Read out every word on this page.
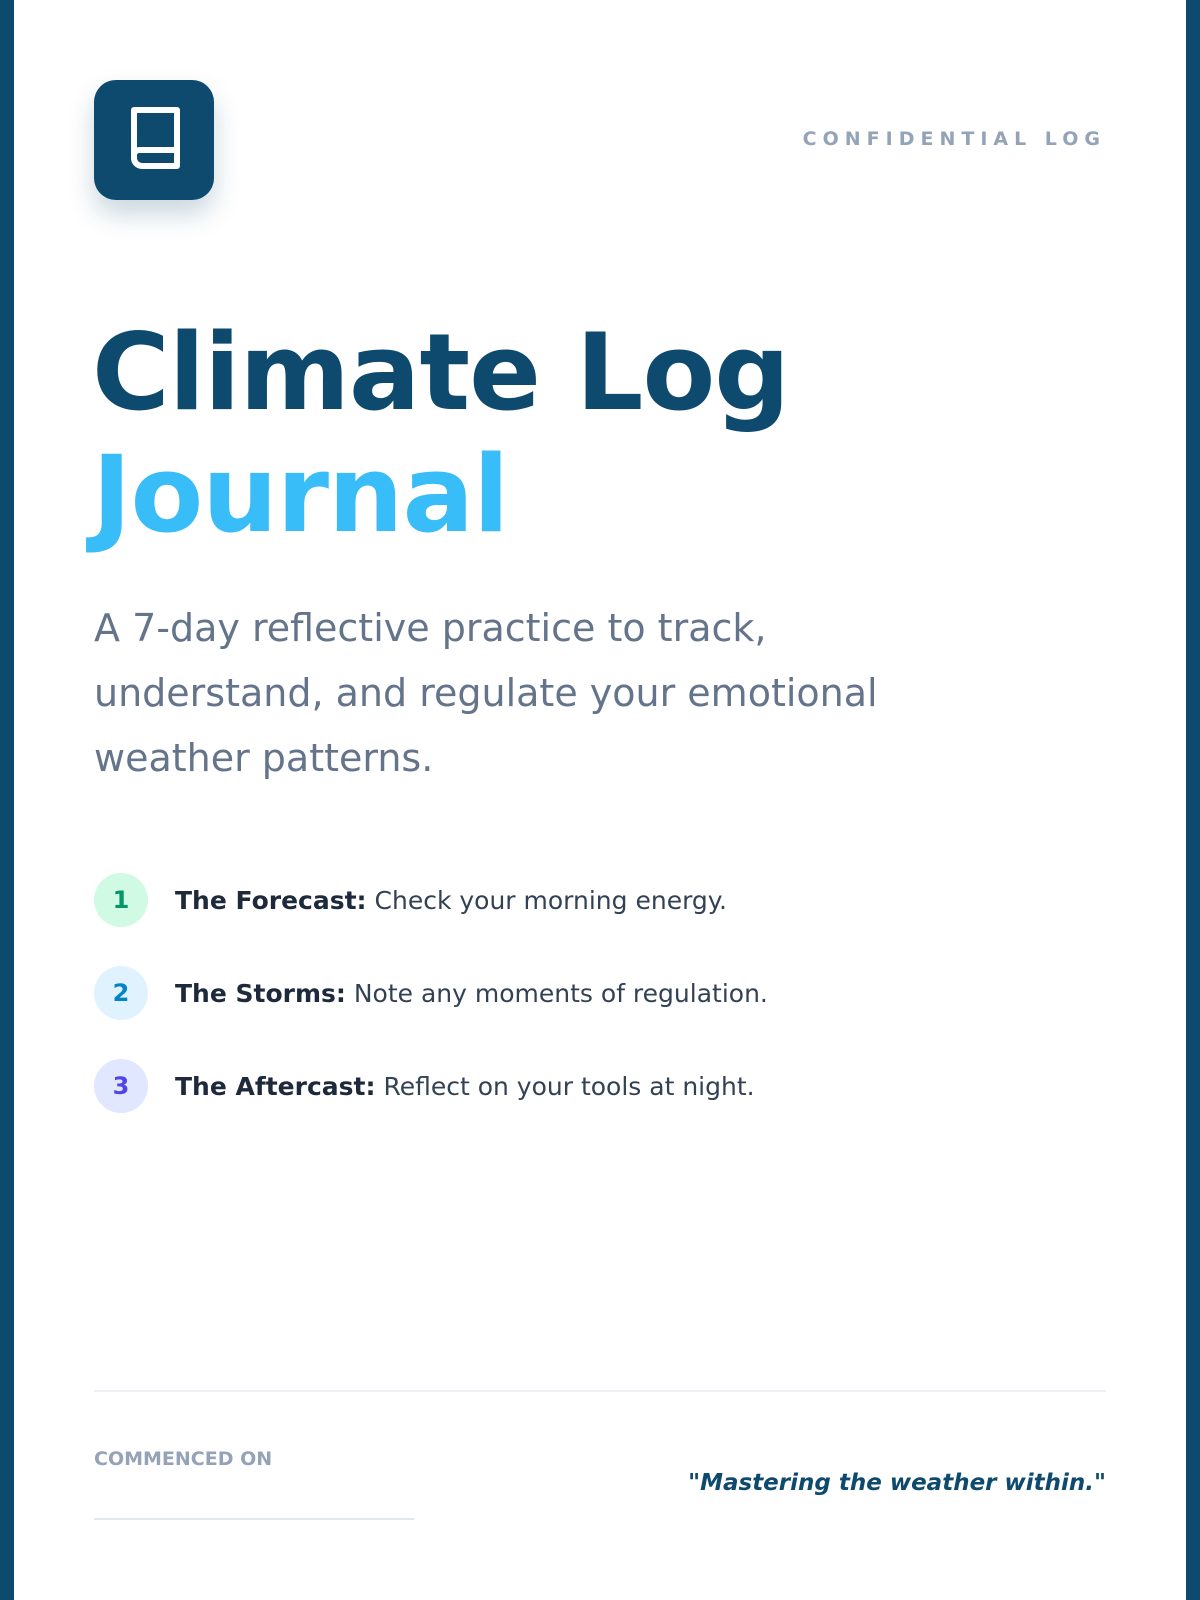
CONFIDENTIAL LOG
Climate Log
Journal

A 7-day reflective practice to track, understand, and regulate your emotional weather patterns.

1	The Forecast: Check your morning energy.
2	The Storms: Note any moments of regulation.
3	The Aftercast: Reflect on your tools at night.
COMMENCED ON
"Mastering the weather within."
